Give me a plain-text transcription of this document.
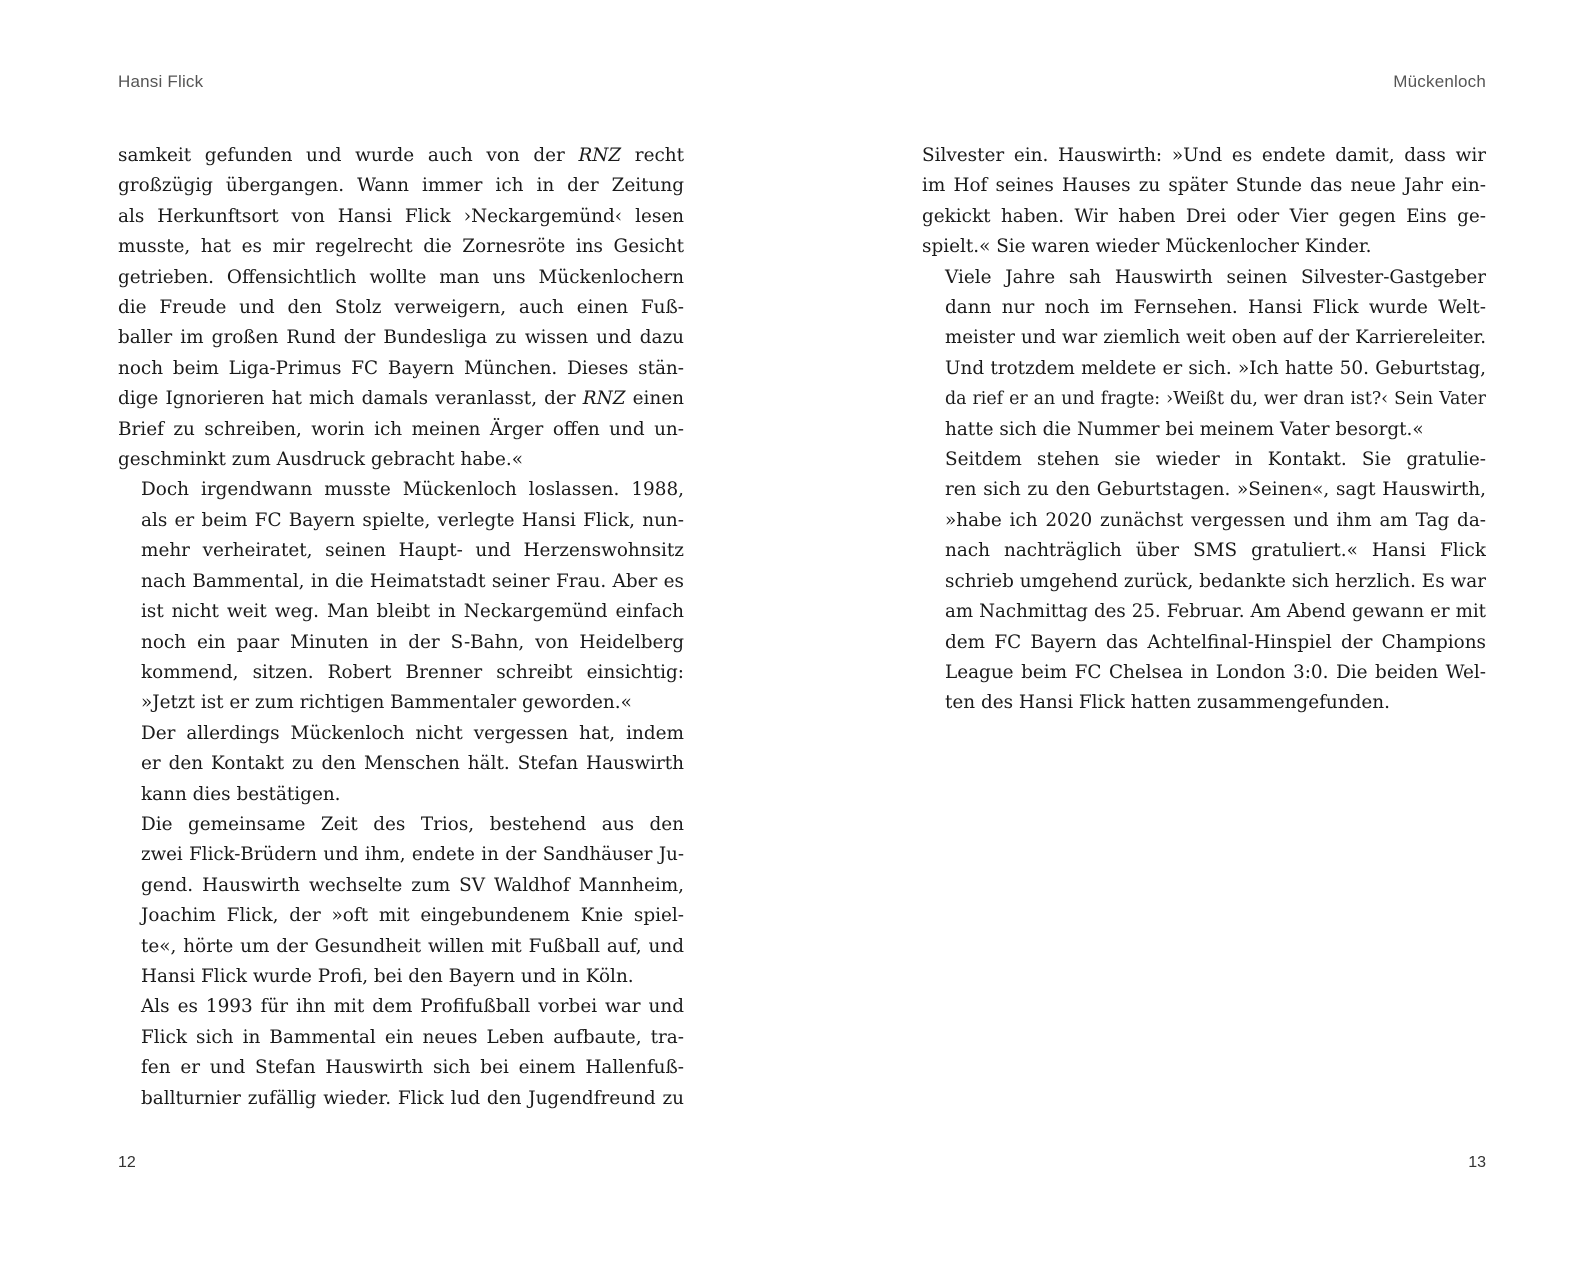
Hansi Flick

samkeit gefunden und wurde auch von der RNZ recht
großzügig übergangen. Wann immer ich in der Zeitung
als Herkunftsort von Hansi Flick ›Neckargemünd‹ lesen
musste, hat es mir regelrecht die Zornesröte ins Gesicht
getrieben. Offensichtlich wollte man uns Mückenlochern
die Freude und den Stolz verweigern, auch einen Fuß-
baller im großen Rund der Bundesliga zu wissen und dazu
noch beim Liga-Primus FC Bayern München. Dieses stän-
dige Ignorieren hat mich damals veranlasst, der RNZ einen
Brief zu schreiben, worin ich meinen Ärger offen und un-
geschminkt zum Ausdruck gebracht habe.«

Doch irgendwann musste Mückenloch loslassen. 1988,
als er beim FC Bayern spielte, verlegte Hansi Flick, nun-
mehr verheiratet, seinen Haupt- und Herzenswohnsitz
nach Bammental, in die Heimatstadt seiner Frau. Aber es
ist nicht weit weg. Man bleibt in Neckargemünd einfach
noch ein paar Minuten in der S-Bahn, von Heidelberg
kommend, sitzen. Robert Brenner schreibt einsichtig:
»Jetzt ist er zum richtigen Bammentaler geworden.«

Der allerdings Mückenloch nicht vergessen hat, indem
er den Kontakt zu den Menschen hält. Stefan Hauswirth
kann dies bestätigen.

Die gemeinsame Zeit des Trios, bestehend aus den
zwei Flick-Brüdern und ihm, endete in der Sandhäuser Ju-
gend. Hauswirth wechselte zum SV Waldhof Mannheim,
Joachim Flick, der »oft mit eingebundenem Knie spiel-
te«, hörte um der Gesundheit willen mit Fußball auf, und
Hansi Flick wurde Profi, bei den Bayern und in Köln.

Als es 1993 für ihn mit dem Profifußball vorbei war und
Flick sich in Bammental ein neues Leben aufbaute, tra-
fen er und Stefan Hauswirth sich bei einem Hallenfuß-
ballturnier zufällig wieder. Flick lud den Jugendfreund zu

12
Mückenloch

Silvester ein. Hauswirth: »Und es endete damit, dass wir
im Hof seines Hauses zu später Stunde das neue Jahr ein-
gekickt haben. Wir haben Drei oder Vier gegen Eins ge-
spielt.« Sie waren wieder Mückenlocher Kinder.

Viele Jahre sah Hauswirth seinen Silvester-Gastgeber
dann nur noch im Fernsehen. Hansi Flick wurde Welt-
meister und war ziemlich weit oben auf der Karriereleiter.
Und trotzdem meldete er sich. »Ich hatte 50. Geburtstag,
da rief er an und fragte: ›Weißt du, wer dran ist?‹ Sein Vater
hatte sich die Nummer bei meinem Vater besorgt.«

Seitdem stehen sie wieder in Kontakt. Sie gratulie-
ren sich zu den Geburtstagen. »Seinen«, sagt Hauswirth,
»habe ich 2020 zunächst vergessen und ihm am Tag da-
nach nachträglich über SMS gratuliert.« Hansi Flick
schrieb umgehend zurück, bedankte sich herzlich. Es war
am Nachmittag des 25. Februar. Am Abend gewann er mit
dem FC Bayern das Achtelfinal-Hinspiel der Champions
League beim FC Chelsea in London 3:0. Die beiden Wel-
ten des Hansi Flick hatten zusammengefunden.

13
